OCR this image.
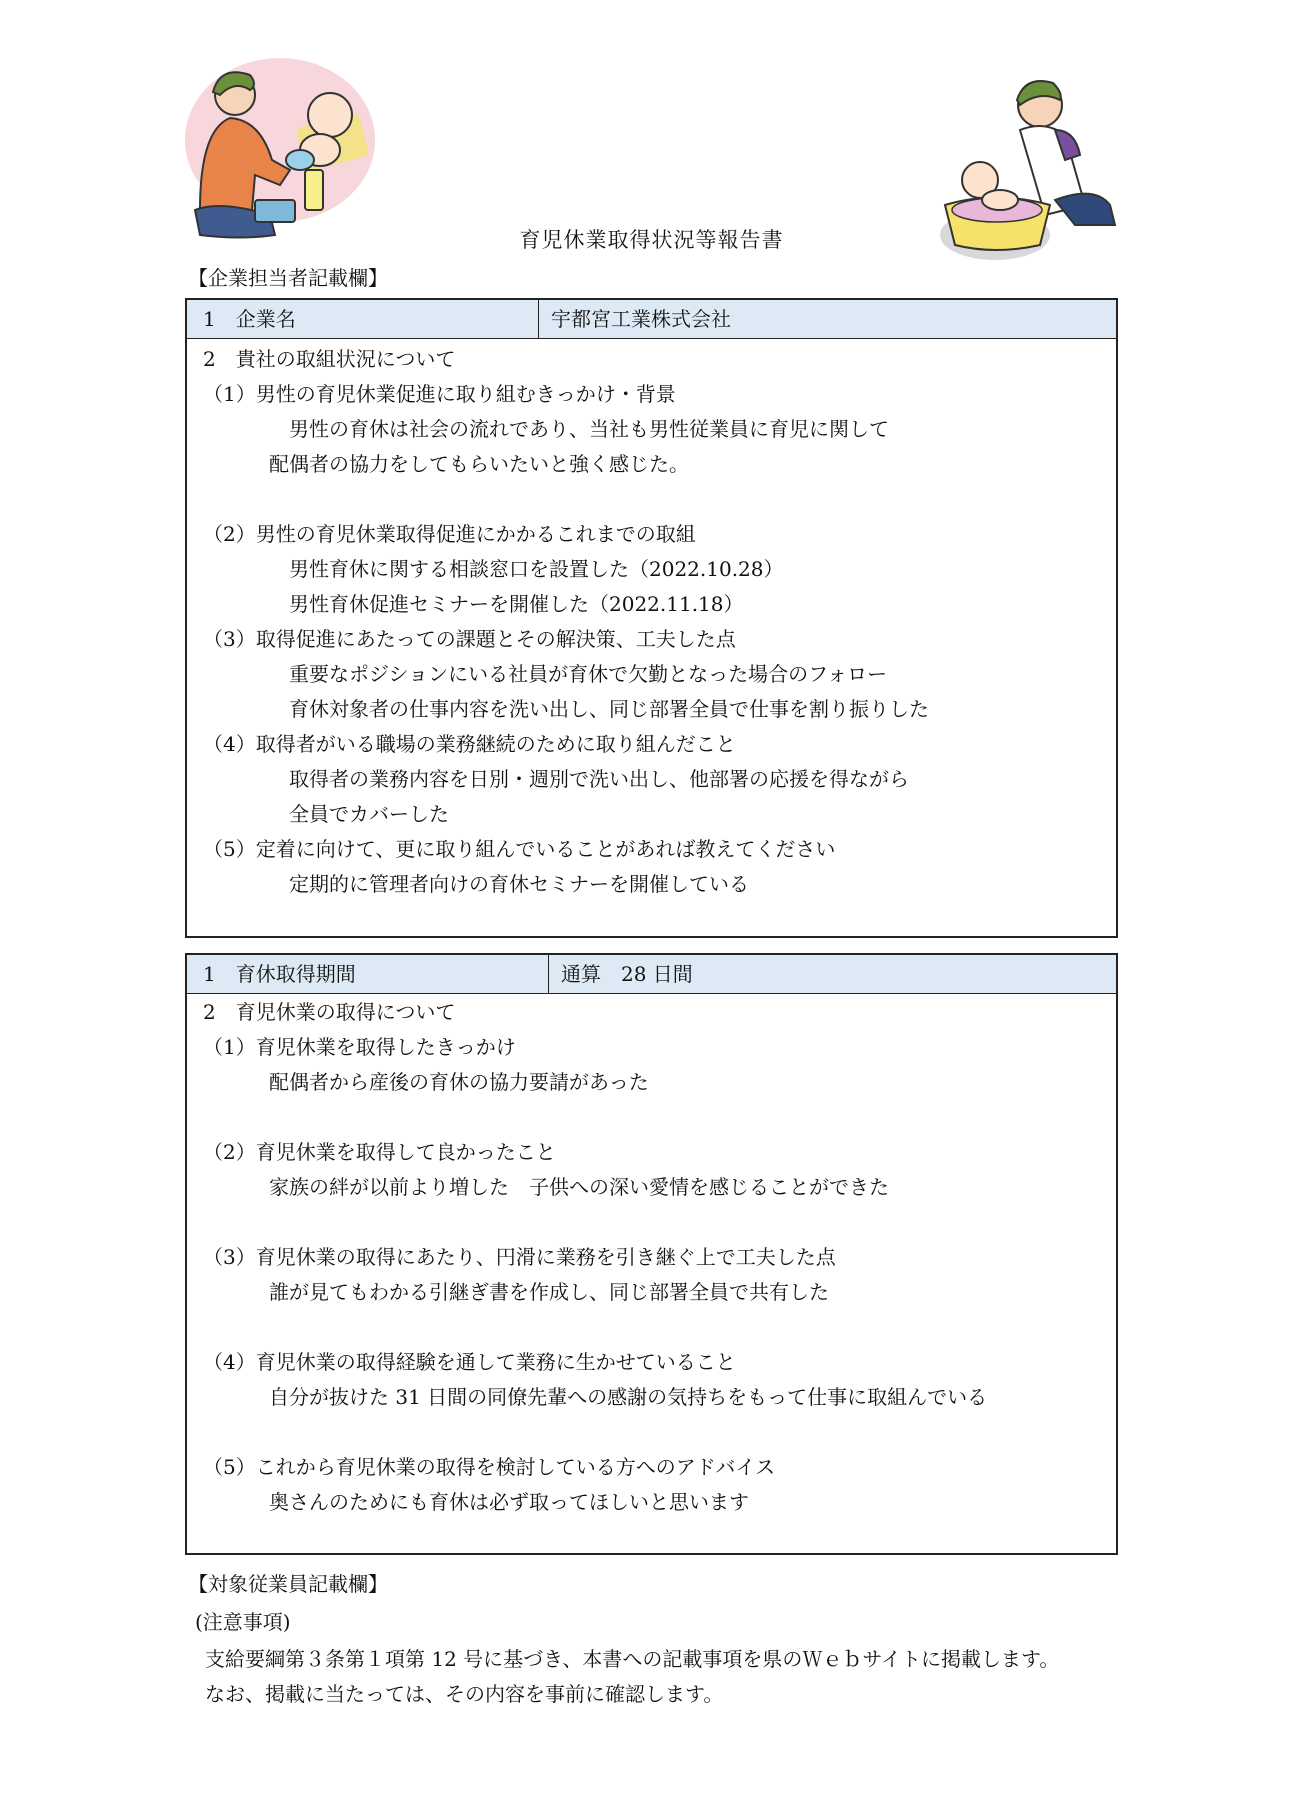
育児休業取得状況等報告書
【企業担当者記載欄】
1　企業名	宇都宮工業株式会社
2　貴社の取組状況について
（1）男性の育児休業促進に取り組むきっかけ・背景
　男性の育休は社会の流れであり、当社も男性従業員に育児に関して
配偶者の協力をしてもらいたいと強く感じた。
（2）男性の育児休業取得促進にかかるこれまでの取組
　男性育休に関する相談窓口を設置した（2022.10.28）
　男性育休促進セミナーを開催した（2022.11.18）
（3）取得促進にあたっての課題とその解決策、工夫した点
　重要なポジションにいる社員が育休で欠勤となった場合のフォロー
　育休対象者の仕事内容を洗い出し、同じ部署全員で仕事を割り振りした
（4）取得者がいる職場の業務継続のために取り組んだこと
　取得者の業務内容を日別・週別で洗い出し、他部署の応援を得ながら
　全員でカバーした
（5）定着に向けて、更に取り組んでいることがあれば教えてください
　定期的に管理者向けの育休セミナーを開催している
1　育休取得期間	通算　28 日間
2　育児休業の取得について
（1）育児休業を取得したきっかけ
配偶者から産後の育休の協力要請があった
（2）育児休業を取得して良かったこと
家族の絆が以前より増した　子供への深い愛情を感じることができた
（3）育児休業の取得にあたり、円滑に業務を引き継ぐ上で工夫した点
誰が見てもわかる引継ぎ書を作成し、同じ部署全員で共有した
（4）育児休業の取得経験を通して業務に生かせていること
自分が抜けた 31 日間の同僚先輩への感謝の気持ちをもって仕事に取組んでいる
（5）これから育児休業の取得を検討している方へのアドバイス
奥さんのためにも育休は必ず取ってほしいと思います
【対象従業員記載欄】
(注意事項)
支給要綱第３条第１項第 12 号に基づき、本書への記載事項を県のＷｅｂサイトに掲載します。
なお、掲載に当たっては、その内容を事前に確認します。
